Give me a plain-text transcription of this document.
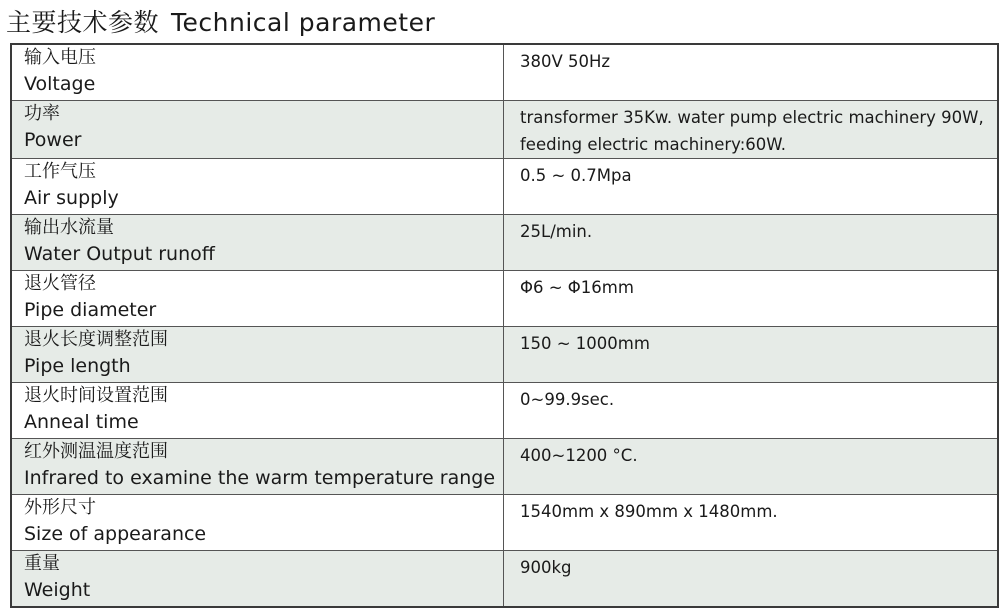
主要技术参数 Technical parameter
输入电压
Voltage	380V 50Hz

功率
Power	transformer 35Kw. water pump electric machinery 90W, feeding electric machinery:60W.

工作气压
Air supply	0.5 ~ 0.7Mpa

输出水流量
Water Output runoff	25L/min.

退火管径
Pipe diameter	Φ6 ~ Φ16mm

退火长度调整范围
Pipe length	150 ~ 1000mm

退火时间设置范围
Anneal time	0~99.9sec.

红外测温温度范围
Infrared to examine the warm temperature range	400~1200 °C.

外形尺寸
Size of appearance	1540mm x 890mm x 1480mm.

重量
Weight	900kg
